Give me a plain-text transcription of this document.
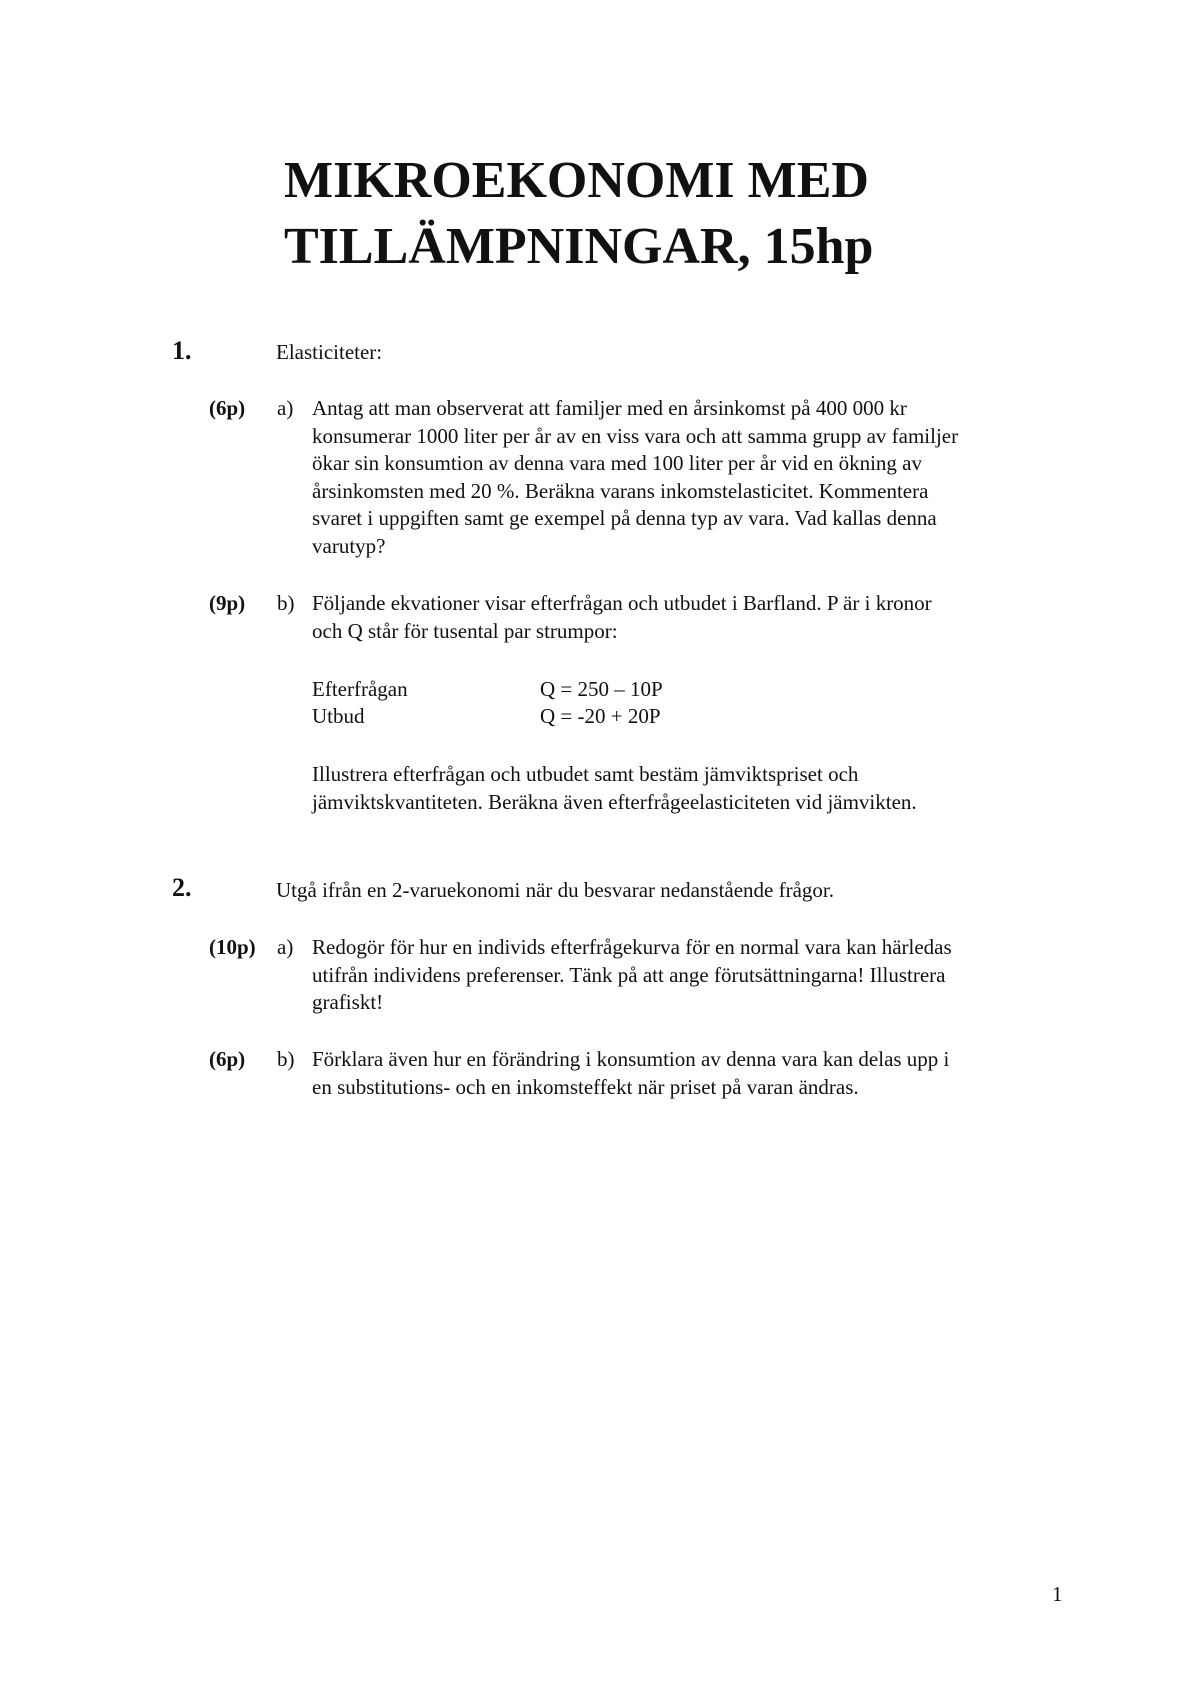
MIKROEKONOMI MED
TILLÄMPNINGAR, 15hp
1.	Elasticiteter:
(6p) a) Antag att man observerat att familjer med en årsinkomst på 400 000 kr
konsumerar 1000 liter per år av en viss vara och att samma grupp av familjer
ökar sin konsumtion av denna vara med 100 liter per år vid en ökning av
årsinkomsten med 20 %. Beräkna varans inkomstelasticitet. Kommentera
svaret i uppgiften samt ge exempel på denna typ av vara. Vad kallas denna
varutyp?
(9p) b) Följande ekvationer visar efterfrågan och utbudet i Barfland. P är i kronor
och Q står för tusental par strumpor:
Efterfrågan	Q = 250 – 10P
Utbud	Q = -20 + 20P
Illustrera efterfrågan och utbudet samt bestäm jämviktspriset och
jämviktskvantiteten. Beräkna även efterfrågeelasticiteten vid jämvikten.
2.	Utgå ifrån en 2-varuekonomi när du besvarar nedanstående frågor.
(10p) a) Redogör för hur en individs efterfrågekurva för en normal vara kan härledas
utifrån individens preferenser. Tänk på att ange förutsättningarna! Illustrera
grafiskt!
(6p) b) Förklara även hur en förändring i konsumtion av denna vara kan delas upp i
en substitutions- och en inkomsteffekt när priset på varan ändras.
1
